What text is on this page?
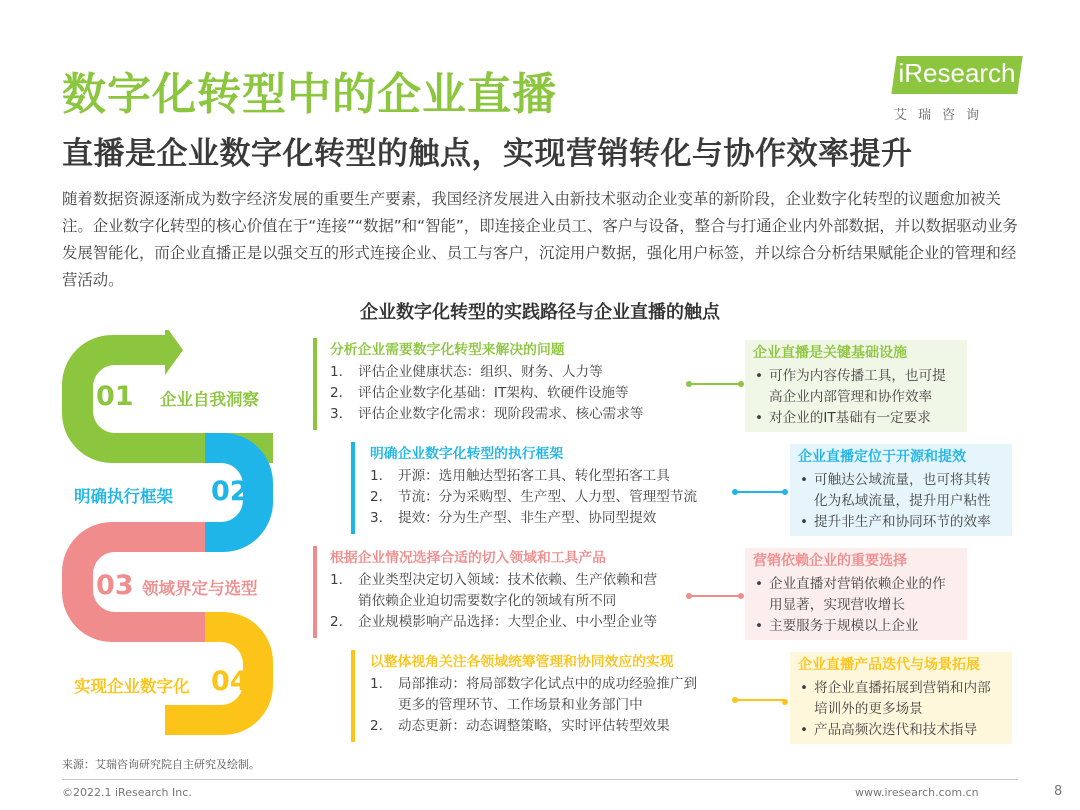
数字化转型中的企业直播
直播是企业数字化转型的触点，实现营销转化与协作效率提升
iResearch
艾瑞咨询
随着数据资源逐渐成为数字经济发展的重要生产要素，我国经济发展进入由新技术驱动企业变革的新阶段，企业数字化转型的议题愈加被关注。企业数字化转型的核心价值在于“连接”“数据”和“智能”，即连接企业员工、客户与设备，整合与打通企业内外部数据，并以数据驱动业务发展智能化，而企业直播正是以强交互的形式连接企业、员工与客户，沉淀用户数据，强化用户标签，并以综合分析结果赋能企业的管理和经营活动。
企业数字化转型的实践路径与企业直播的触点
01 企业自我洞察
明确执行框架 02
03 领域界定与选型
实现企业数字化 04
分析企业需要数字化转型来解决的问题
1. 评估企业健康状态：组织、财务、人力等
2. 评估企业数字化基础：IT架构、软硬件设施等
3. 评估企业数字化需求：现阶段需求、核心需求等
明确企业数字化转型的执行框架
1. 开源：选用触达型拓客工具、转化型拓客工具
2. 节流：分为采购型、生产型、人力型、管理型节流
3. 提效：分为生产型、非生产型、协同型提效
根据企业情况选择合适的切入领域和工具产品
1. 企业类型决定切入领域：技术依赖、生产依赖和营
销依赖企业迫切需要数字化的领域有所不同
2. 企业规模影响产品选择：大型企业、中小型企业等
以整体视角关注各领域统筹管理和协同效应的实现
1. 局部推动：将局部数字化试点中的成功经验推广到
更多的管理环节、工作场景和业务部门中
2. 动态更新：动态调整策略，实时评估转型效果
企业直播是关键基础设施
• 可作为内容传播工具，也可提
高企业内部管理和协作效率
• 对企业的IT基础有一定要求
企业直播定位于开源和提效
• 可触达公域流量，也可将其转
化为私域流量，提升用户粘性
• 提升非生产和协同环节的效率
营销依赖企业的重要选择
• 企业直播对营销依赖企业的作
用显著，实现营收增长
• 主要服务于规模以上企业
企业直播产品迭代与场景拓展
• 将企业直播拓展到营销和内部
培训外的更多场景
• 产品高频次迭代和技术指导
来源：艾瑞咨询研究院自主研究及绘制。
©2022.1 iResearch Inc.	www.iresearch.com.cn	8
